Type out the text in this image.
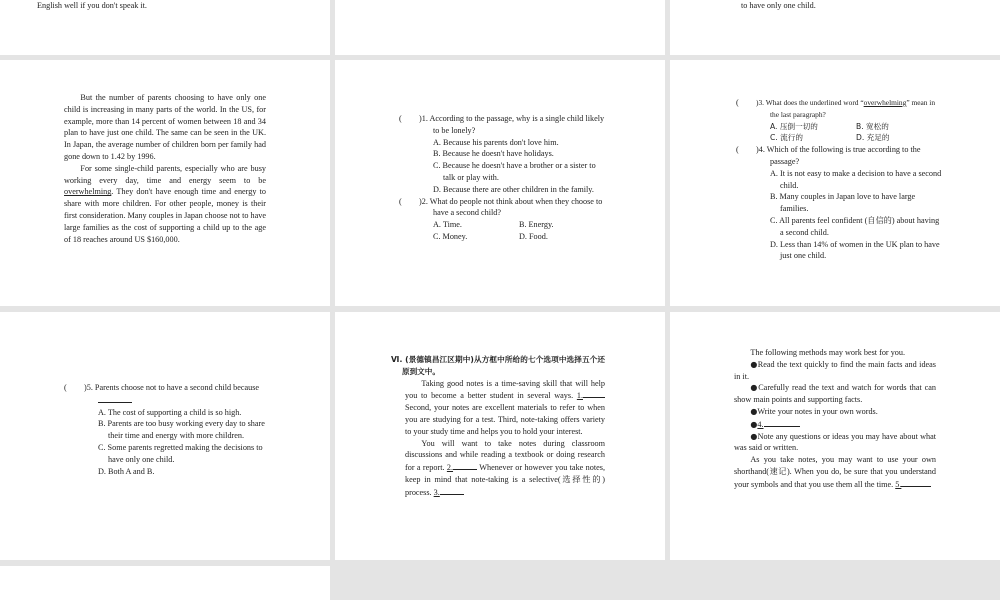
English well if you don't speak it.	to have only one child.

But the number of parents choosing to have only one child is increasing in many parts of the world. In the US, for example, more than 14 percent of women between 18 and 34 plan to have just one child. The same can be seen in the UK. In Japan, the average number of children born per family had gone down to 1.42 by 1996.

For some single-child parents, especially who are busy working every day, time and energy seem to be overwhelming. They don't have enough time and energy to share with more children. For other people, money is their first consideration. Many couples in Japan choose not to have large families as the cost of supporting a child up to the age of 18 reaches around US $160,000.

( )1. According to the passage, why is a single child likely to be lonely?

A. Because his parents don't love him.

B. Because he doesn't have holidays.

C. Because he doesn't have a brother or a sister to talk or play with.

D. Because there are other children in the family.

( )2. What do people not think about when they choose to have a second child?

A. Time.	B. Energy.
C. Money.	D. Food.
( )3. What does the underlined word “overwhelming” mean in the last paragraph?

A. 压倒一切的	B. 宽松的
C. 流行的	D. 充足的
( )4. Which of the following is true according to the passage?

A. It is not easy to make a decision to have a second child.

B. Many couples in Japan love to have large families.

C. All parents feel confident (自信的) about having a second child.

D. Less than 14% of women in the UK plan to have just one child.

( )5. Parents choose not to have a second child because

A. The cost of supporting a child is so high.

B. Parents are too busy working every day to share their time and energy with more children.

C. Some parents regretted making the decisions to have only one child.

D. Both A and B.

Ⅵ. (景德镇昌江区期中)从方框中所给的七个选项中选择五个还原到文中。

Taking good notes is a time-saving skill that will help you to become a better student in several ways. 1. Second, your notes are excellent materials to refer to when you are studying for a test. Third, note-taking offers variety to your study time and helps you to hold your interest.

You will want to take notes during classroom discussions and while reading a textbook or doing research for a report. 2.	Whenever or however you take notes, keep in mind that note-taking is a selective(选择性的) process. 3.

The following methods may work best for you.

●Read the text quickly to find the main facts and ideas in it.

●Carefully read the text and watch for words that can show main points and supporting facts.

●Write your notes in your own words.

●4.

●Note any questions or ideas you may have about what was said or written.

As you take notes, you may want to use your own shorthand(速记). When you do, be sure that you understand your symbols and that you use them all the time. 5.
